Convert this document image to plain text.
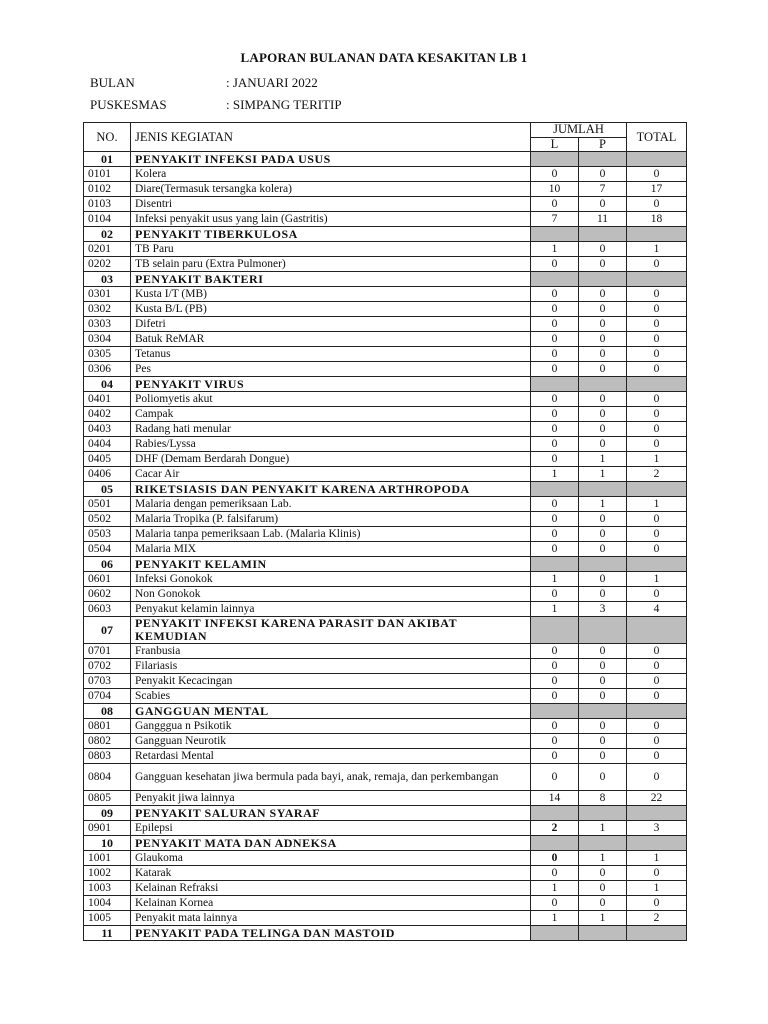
LAPORAN BULANAN DATA KESAKITAN LB 1
BULAN	: JANUARI 2022
PUSKESMAS	: SIMPANG TERITIP
NO.	JENIS KEGIATAN	JUMLAH		TOTAL
		L	P	
01	PENYAKIT INFEKSI PADA USUS			
0101	Kolera	0	0	0
0102	Diare(Termasuk tersangka kolera)	10	7	17
0103	Disentri	0	0	0
0104	Infeksi penyakit usus yang lain (Gastritis)	7	11	18
02	PENYAKIT TIBERKULOSA			
0201	TB Paru	1	0	1
0202	TB selain paru (Extra Pulmoner)	0	0	0
03	PENYAKIT BAKTERI			
0301	Kusta I/T (MB)	0	0	0
0302	Kusta B/L (PB)	0	0	0
0303	Difetri	0	0	0
0304	Batuk ReMAR	0	0	0
0305	Tetanus	0	0	0
0306	Pes	0	0	0
04	PENYAKIT VIRUS			
0401	Poliomyetis akut	0	0	0
0402	Campak	0	0	0
0403	Radang hati menular	0	0	0
0404	Rabies/Lyssa	0	0	0
0405	DHF (Demam Berdarah Dongue)	0	1	1
0406	Cacar Air	1	1	2
05	RIKETSIASIS DAN PENYAKIT KARENA ARTHROPODA			
0501	Malaria dengan pemeriksaan Lab.	0	1	1
0502	Malaria Tropika (P. falsifarum)	0	0	0
0503	Malaria tanpa pemeriksaan Lab. (Malaria Klinis)	0	0	0
0504	Malaria MIX	0	0	0
06	PENYAKIT KELAMIN			
0601	Infeksi Gonokok	1	0	1
0602	Non Gonokok	0	0	0
0603	Penyakut kelamin lainnya	1	3	4
07	PENYAKIT INFEKSI KARENA PARASIT DAN AKIBAT KEMUDIAN			
0701	Franbusia	0	0	0
0702	Filariasis	0	0	0
0703	Penyakit Kecacingan	0	0	0
0704	Scabies	0	0	0
08	GANGGUAN MENTAL			
0801	Gangggua n Psikotik	0	0	0
0802	Gangguan Neurotik	0	0	0
0803	Retardasi Mental	0	0	0
0804	Gangguan kesehatan jiwa bermula pada bayi, anak, remaja, dan perkembangan	0	0	0
0805	Penyakit jiwa lainnya	14	8	22
09	PENYAKIT SALURAN SYARAF			
0901	Epilepsi	2	1	3
10	PENYAKIT MATA DAN ADNEKSA			
1001	Glaukoma	0	1	1
1002	Katarak	0	0	0
1003	Kelainan Refraksi	1	0	1
1004	Kelainan Kornea	0	0	0
1005	Penyakit mata lainnya	1	1	2
11	PENYAKIT PADA TELINGA DAN MASTOID			
